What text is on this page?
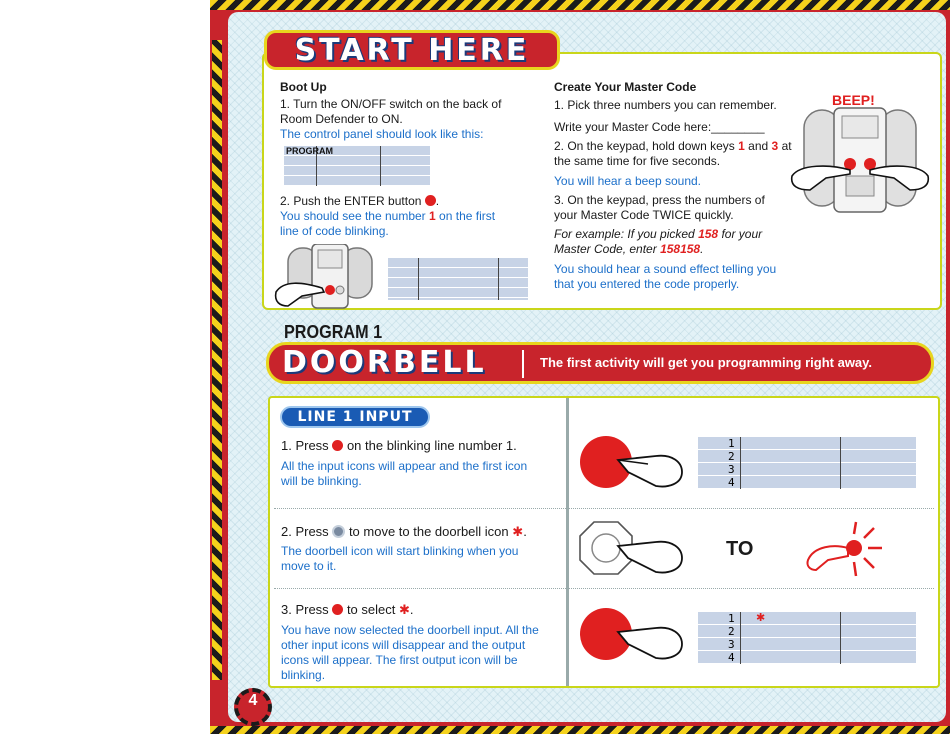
START HERE
Boot Up
1. Turn the ON/OFF switch on the back of Room Defender to ON.
The control panel should look like this:
PROGRAM
2. Push the ENTER button .
You should see the number 1 on the first line of code blinking.
Create Your Master Code
1. Pick three numbers you can remember.
Write your Master Code here:________
2. On the keypad, hold down keys 1 and 3 at the same time for five seconds.
You will hear a beep sound.
3. On the keypad, press the numbers of your Master Code TWICE quickly.
For example: If you picked 158 for your Master Code, enter 158158.
You should hear a sound effect telling you that you entered the code properly.
BEEP!
PROGRAM 1
DOORBELL	The first activity will get you programming right away.
LINE 1 INPUT
1. Press on the blinking line number 1.
All the input icons will appear and the first icon will be blinking.
2. Press to move to the doorbell icon ✱.
The doorbell icon will start blinking when you move to it.
3. Press to select ✱.
You have now selected the doorbell input. All the other input icons will disappear and the output icons will appear. The first output icon will be blinking.
1
2
3
4
TO
1 ✱
2
3
4
4
